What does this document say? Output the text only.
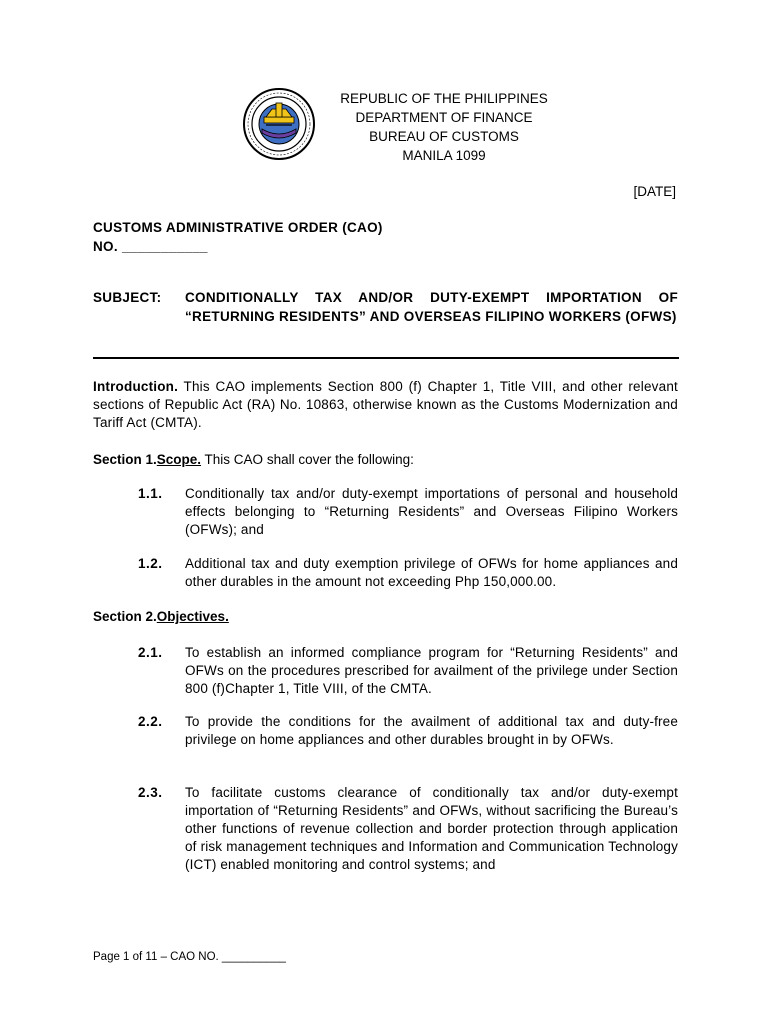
REPUBLIC OF THE PHILIPPINES
DEPARTMENT OF FINANCE
BUREAU OF CUSTOMS
MANILA 1099
[DATE]
CUSTOMS ADMINISTRATIVE ORDER (CAO)
NO. ___________
SUBJECT: CONDITIONALLY TAX AND/OR DUTY-EXEMPT IMPORTATION OF “RETURNING RESIDENTS” AND OVERSEAS FILIPINO WORKERS (OFWS)
Introduction. This CAO implements Section 800 (f) Chapter 1, Title VIII, and other relevant sections of Republic Act (RA) No. 10863, otherwise known as the Customs Modernization and Tariff Act (CMTA).
Section 1.Scope. This CAO shall cover the following:
1.1. Conditionally tax and/or duty-exempt importations of personal and household effects belonging to “Returning Residents” and Overseas Filipino Workers (OFWs); and
1.2. Additional tax and duty exemption privilege of OFWs for home appliances and other durables in the amount not exceeding Php 150,000.00.
Section 2.Objectives.
2.1. To establish an informed compliance program for “Returning Residents” and OFWs on the procedures prescribed for availment of the privilege under Section 800 (f)Chapter 1, Title VIII, of the CMTA.
2.2. To provide the conditions for the availment of additional tax and duty-free privilege on home appliances and other durables brought in by OFWs.
2.3. To facilitate customs clearance of conditionally tax and/or duty-exempt importation of “Returning Residents” and OFWs, without sacrificing the Bureau’s other functions of revenue collection and border protection through application of risk management techniques and Information and Communication Technology (ICT) enabled monitoring and control systems; and
Page 1 of 11 – CAO NO. __________
